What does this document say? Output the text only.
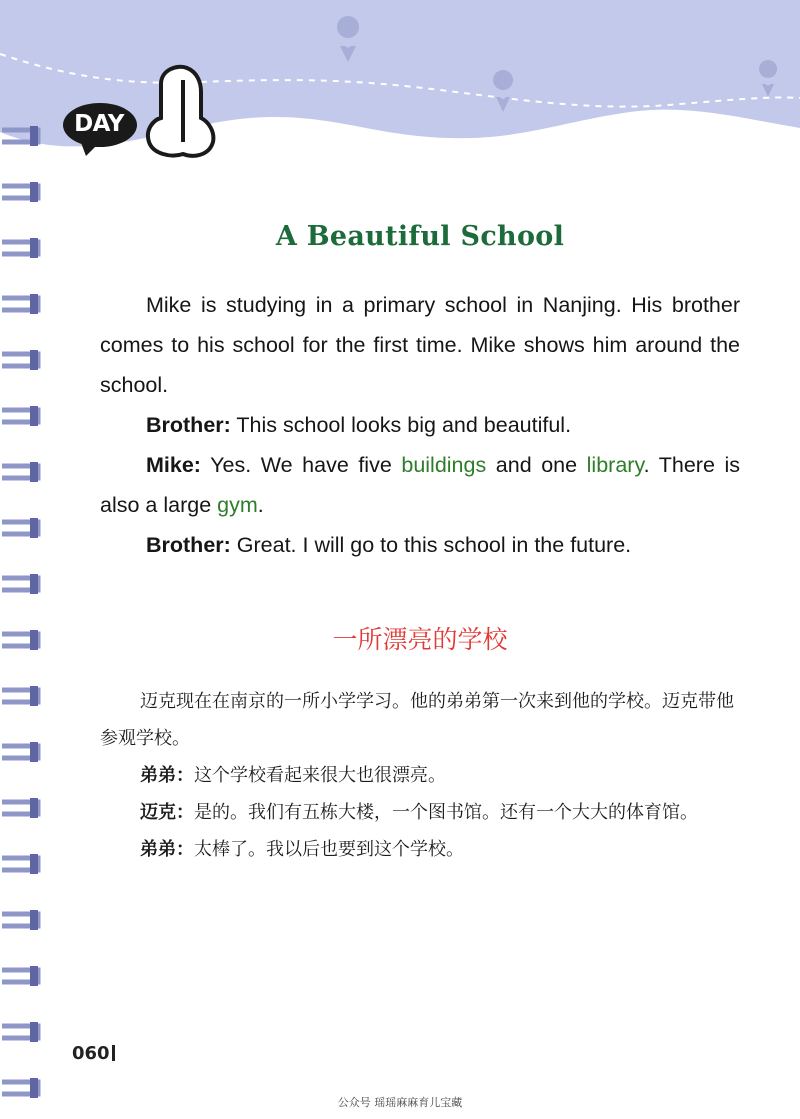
DAY
A Beautiful School

Mike is studying in a primary school in Nanjing. His brother comes to his school for the first time. Mike shows him around the school.

Brother: This school looks big and beautiful.

Mike: Yes. We have five buildings and one library. There is also a large gym.

Brother: Great. I will go to this school in the future.

一所漂亮的学校

迈克现在在南京的一所小学学习。他的弟弟第一次来到他的学校。迈克带他参观学校。

弟弟：这个学校看起来很大也很漂亮。

迈克：是的。我们有五栋大楼，一个图书馆。还有一个大大的体育馆。

弟弟：太棒了。我以后也要到这个学校。

060
公众号 瑶瑶麻麻育儿宝藏
